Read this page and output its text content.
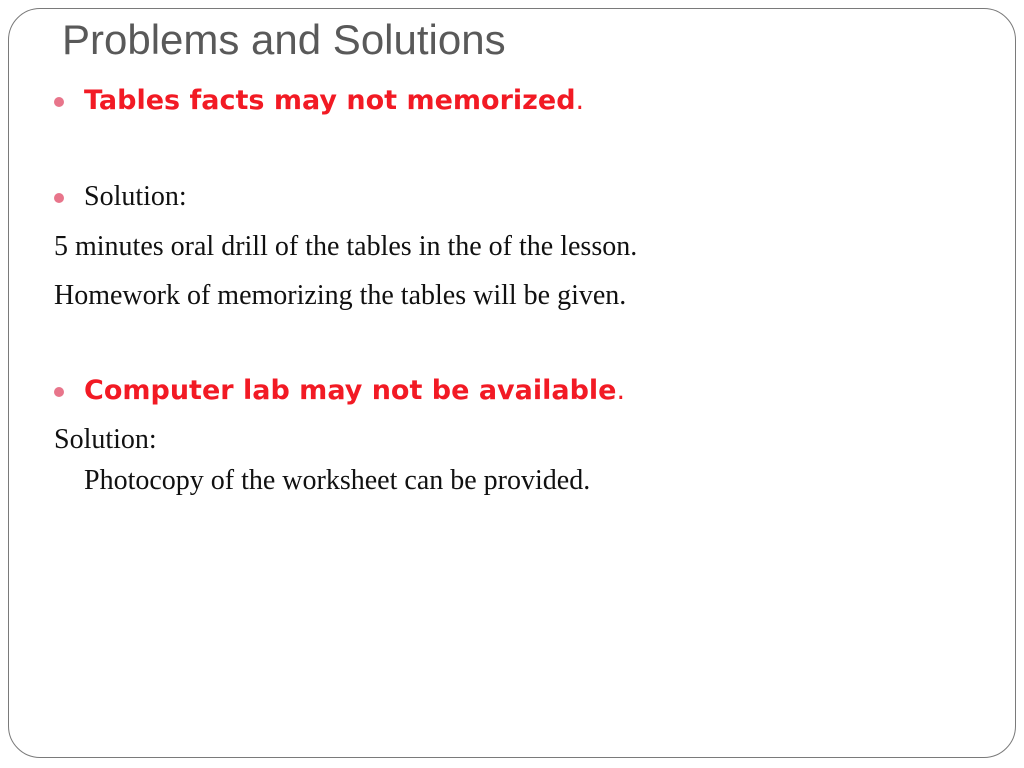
Problems and Solutions
Tables facts may not memorized.
Solution:
5 minutes oral drill of the tables in the of the lesson.
Homework of memorizing the tables will be given.
Computer lab may not be available.
Solution:
Photocopy of the worksheet can be provided.
